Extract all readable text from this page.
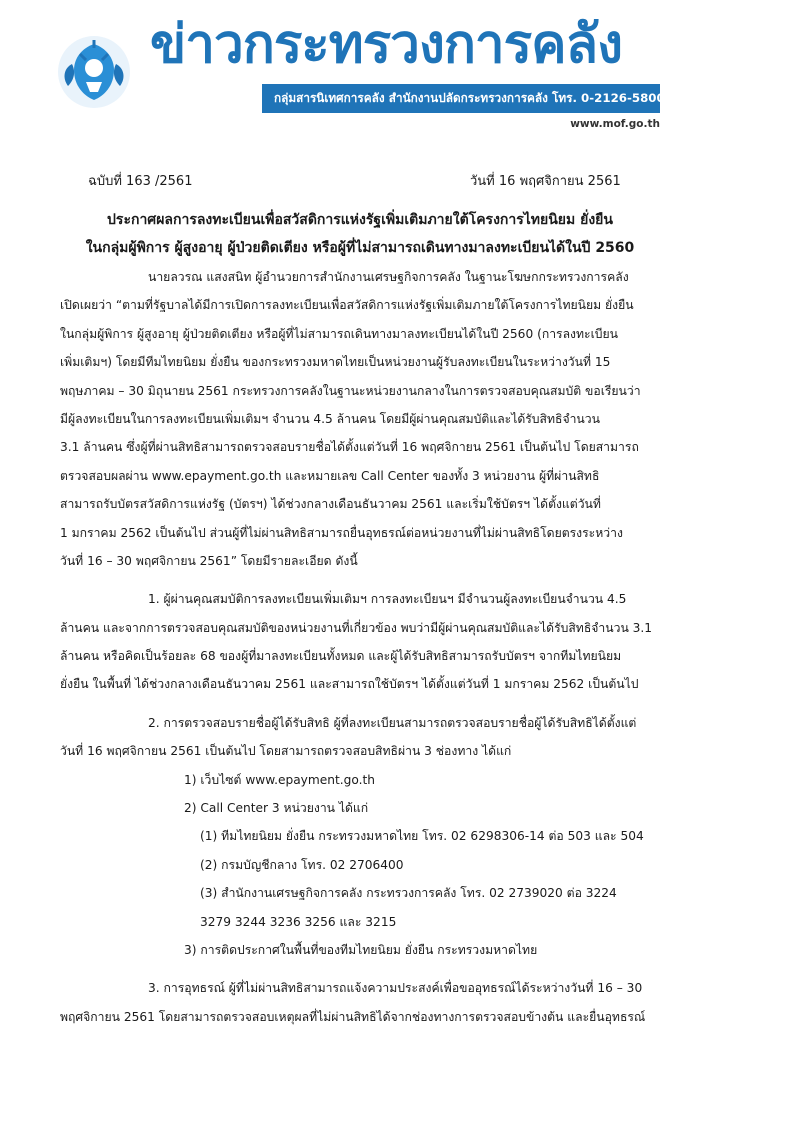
ข่าวกระทรวงการคลัง
กลุ่มสารนิเทศการคลัง สำนักงานปลัดกระทรวงการคลัง โทร. 0-2126-5800 โทรสาร 0-2273-9763
www.mof.go.th
ฉบับที่ 163 /2561	วันที่ 16 พฤศจิกายน 2561
ประกาศผลการลงทะเบียนเพื่อสวัสดิการแห่งรัฐเพิ่มเติมภายใต้โครงการไทยนิยม ยั่งยืน
ในกลุ่มผู้พิการ ผู้สูงอายุ ผู้ป่วยติดเตียง หรือผู้ที่ไม่สามารถเดินทางมาลงทะเบียนได้ในปี 2560
นายลวรณ แสงสนิท ผู้อำนวยการสำนักงานเศรษฐกิจการคลัง ในฐานะโฆษกกระทรวงการคลัง
เปิดเผยว่า “ตามที่รัฐบาลได้มีการเปิดการลงทะเบียนเพื่อสวัสดิการแห่งรัฐเพิ่มเติมภายใต้โครงการไทยนิยม ยั่งยืน
ในกลุ่มผู้พิการ ผู้สูงอายุ ผู้ป่วยติดเตียง หรือผู้ที่ไม่สามารถเดินทางมาลงทะเบียนได้ในปี 2560 (การลงทะเบียน
เพิ่มเติมฯ) โดยมีทีมไทยนิยม ยั่งยืน ของกระทรวงมหาดไทยเป็นหน่วยงานผู้รับลงทะเบียนในระหว่างวันที่ 15
พฤษภาคม – 30 มิถุนายน 2561 กระทรวงการคลังในฐานะหน่วยงานกลางในการตรวจสอบคุณสมบัติ ขอเรียนว่า
มีผู้ลงทะเบียนในการลงทะเบียนเพิ่มเติมฯ จำนวน 4.5 ล้านคน โดยมีผู้ผ่านคุณสมบัติและได้รับสิทธิจำนวน
3.1 ล้านคน ซึ่งผู้ที่ผ่านสิทธิสามารถตรวจสอบรายชื่อได้ตั้งแต่วันที่ 16 พฤศจิกายน 2561 เป็นต้นไป โดยสามารถ
ตรวจสอบผลผ่าน www.epayment.go.th และหมายเลข Call Center ของทั้ง 3 หน่วยงาน ผู้ที่ผ่านสิทธิ
สามารถรับบัตรสวัสดิการแห่งรัฐ (บัตรฯ) ได้ช่วงกลางเดือนธันวาคม 2561 และเริ่มใช้บัตรฯ ได้ตั้งแต่วันที่
1 มกราคม 2562 เป็นต้นไป ส่วนผู้ที่ไม่ผ่านสิทธิสามารถยื่นอุทธรณ์ต่อหน่วยงานที่ไม่ผ่านสิทธิโดยตรงระหว่าง
วันที่ 16 – 30 พฤศจิกายน 2561” โดยมีรายละเอียด ดังนี้
1. ผู้ผ่านคุณสมบัติการลงทะเบียนเพิ่มเติมฯ การลงทะเบียนฯ มีจำนวนผู้ลงทะเบียนจำนวน 4.5
ล้านคน และจากการตรวจสอบคุณสมบัติของหน่วยงานที่เกี่ยวข้อง พบว่ามีผู้ผ่านคุณสมบัติและได้รับสิทธิจำนวน 3.1
ล้านคน หรือคิดเป็นร้อยละ 68 ของผู้ที่มาลงทะเบียนทั้งหมด และผู้ได้รับสิทธิสามารถรับบัตรฯ จากทีมไทยนิยม
ยั่งยืน ในพื้นที่ ได้ช่วงกลางเดือนธันวาคม 2561 และสามารถใช้บัตรฯ ได้ตั้งแต่วันที่ 1 มกราคม 2562 เป็นต้นไป
2. การตรวจสอบรายชื่อผู้ได้รับสิทธิ ผู้ที่ลงทะเบียนสามารถตรวจสอบรายชื่อผู้ได้รับสิทธิได้ตั้งแต่
วันที่ 16 พฤศจิกายน 2561 เป็นต้นไป โดยสามารถตรวจสอบสิทธิผ่าน 3 ช่องทาง ได้แก่
1) เว็บไซต์ www.epayment.go.th
2) Call Center 3 หน่วยงาน ได้แก่
(1) ทีมไทยนิยม ยั่งยืน กระทรวงมหาดไทย โทร. 02 6298306-14 ต่อ 503 และ 504
(2) กรมบัญชีกลาง โทร. 02 2706400
(3) สำนักงานเศรษฐกิจการคลัง กระทรวงการคลัง โทร. 02 2739020 ต่อ 3224
3279 3244 3236 3256 และ 3215
3) การติดประกาศในพื้นที่ของทีมไทยนิยม ยั่งยืน กระทรวงมหาดไทย
3. การอุทธรณ์ ผู้ที่ไม่ผ่านสิทธิสามารถแจ้งความประสงค์เพื่อขออุทธรณ์ได้ระหว่างวันที่ 16 – 30
พฤศจิกายน 2561 โดยสามารถตรวจสอบเหตุผลที่ไม่ผ่านสิทธิได้จากช่องทางการตรวจสอบข้างต้น และยื่นอุทธรณ์
